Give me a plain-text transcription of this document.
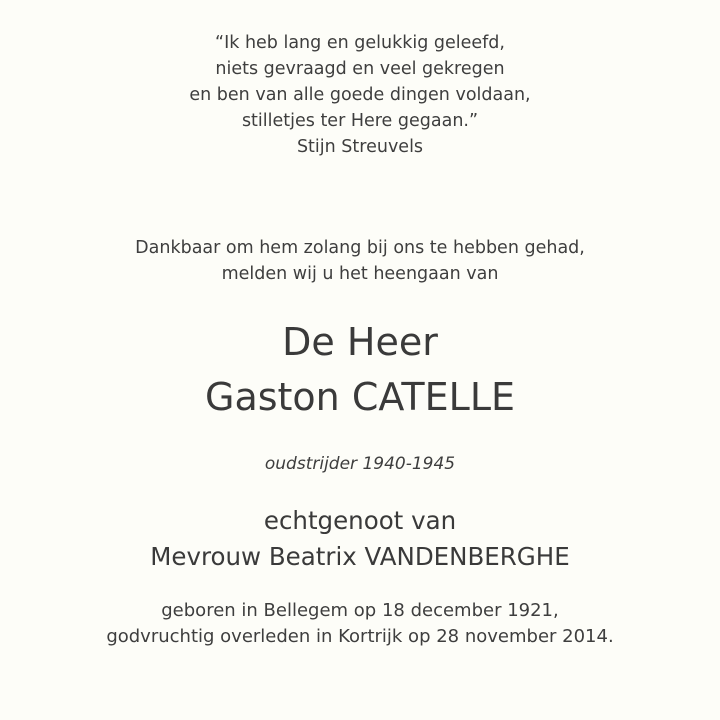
“Ik heb lang en gelukkig geleefd,
niets gevraagd en veel gekregen
en ben van alle goede dingen voldaan,
stilletjes ter Here gegaan.”
Stijn Streuvels
Dankbaar om hem zolang bij ons te hebben gehad,
melden wij u het heengaan van
De Heer
Gaston CATELLE
oudstrijder 1940-1945
echtgenoot van
Mevrouw Beatrix VANDENBERGHE
geboren in Bellegem op 18 december 1921,
godvruchtig overleden in Kortrijk op 28 november 2014.
